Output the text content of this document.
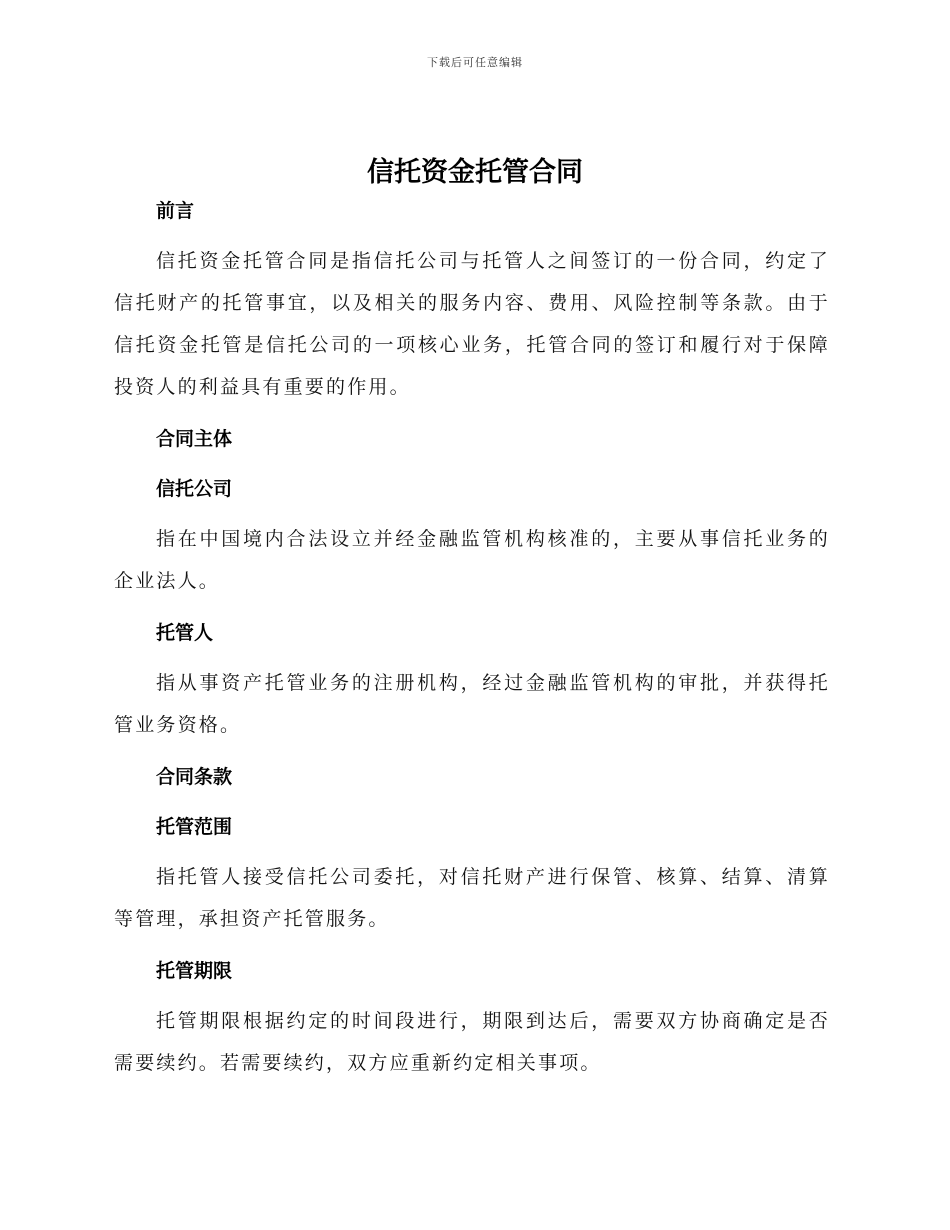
下载后可任意编辑
信托资金托管合同

前言

信托资金托管合同是指信托公司与托管人之间签订的一份合同，约定了信托财产的托管事宜，以及相关的服务内容、费用、风险控制等条款。由于信托资金托管是信托公司的一项核心业务，托管合同的签订和履行对于保障投资人的利益具有重要的作用。

合同主体

信托公司

指在中国境内合法设立并经金融监管机构核准的，主要从事信托业务的企业法人。

托管人

指从事资产托管业务的注册机构，经过金融监管机构的审批，并获得托管业务资格。

合同条款

托管范围

指托管人接受信托公司委托，对信托财产进行保管、核算、结算、清算等管理，承担资产托管服务。

托管期限

托管期限根据约定的时间段进行，期限到达后，需要双方协商确定是否需要续约。若需要续约，双方应重新约定相关事项。
